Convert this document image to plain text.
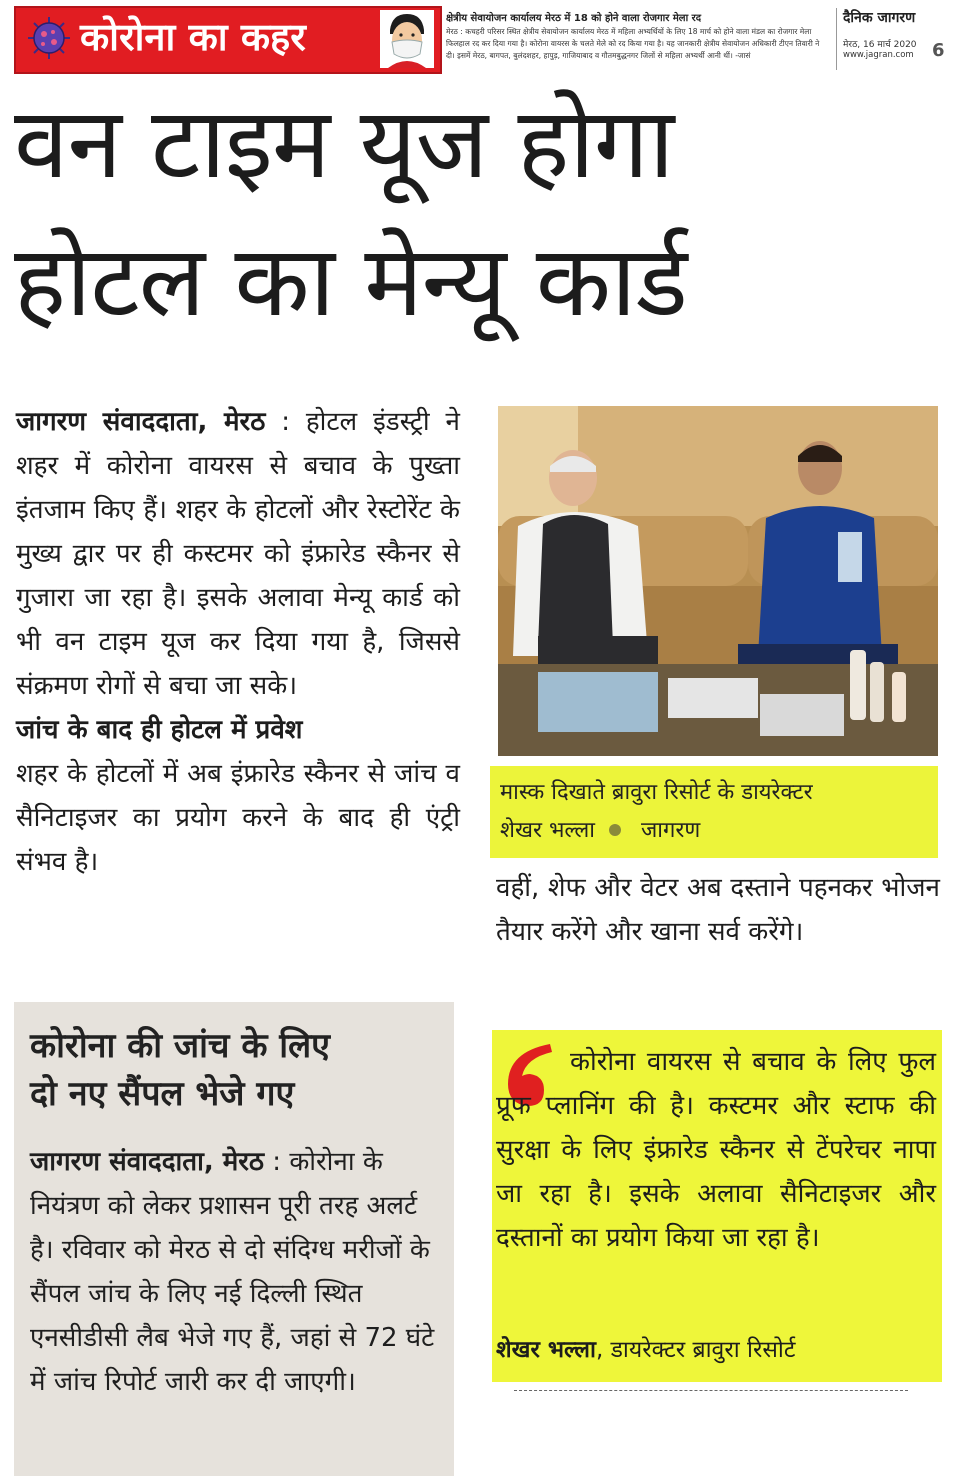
कोरोना का कहर	क्षेत्रीय सेवायोजन कार्यालय मेरठ में 18 को होने वाला रोजगार मेला रद
मेरठ : कचहरी परिसर स्थित क्षेत्रीय सेवायोजन कार्यालय मेरठ में महिला अभ्यर्थियों के लिए 18 मार्च को होने वाला मंडल का रोजगार मेला फिलहाल रद कर दिया गया है। कोरोना वायरस के चलते मेले को रद किया गया है। यह जानकारी क्षेत्रीय सेवायोजन अधिकारी टीएन तिवारी ने दी। इसमें मेरठ, बागपत, बुलंदशहर, हापुड़, गाजियाबाद व गौतमबुद्धनगर जिलों से महिला अभ्यर्थी आनी थीं। -जासं
दैनिक जागरण
मेरठ, 16 मार्च 2020
www.jagran.com	6
वन टाइम यूज होगा
होटल का मेन्यू कार्ड
जागरण संवाददाता, मेरठ : होटल इंडस्ट्री ने शहर में कोरोना वायरस से बचाव के पुख्ता इंतजाम किए हैं। शहर के होटलों और रेस्टोरेंट के मुख्य द्वार पर ही कस्टमर को इंफ्रारेड स्कैनर से गुजारा जा रहा है। इसके अलावा मेन्यू कार्ड को भी वन टाइम यूज कर दिया गया है, जिससे संक्रमण रोगों से बचा जा सके।
जांच के बाद ही होटल में प्रवेश
शहर के होटलों में अब इंफ्रारेड स्कैनर से जांच व सैनिटाइजर का प्रयोग करने के बाद ही एंट्री संभव है।
मास्क दिखाते ब्रावुरा रिसोर्ट के डायरेक्टर
शेखर भल्ला जागरण
वहीं, शेफ और वेटर अब दस्ताने पहनकर भोजन तैयार करेंगे और खाना सर्व करेंगे।
कोरोना की जांच के लिए
दो नए सैंपल भेजे गए
जागरण संवाददाता, मेरठ : कोरोना के नियंत्रण को लेकर प्रशासन पूरी तरह अलर्ट है। रविवार को मेरठ से दो संदिग्ध मरीजों के सैंपल जांच के लिए नई दिल्ली स्थित एनसीडीसी लैब भेजे गए हैं, जहां से 72 घंटे में जांच रिपोर्ट जारी कर दी जाएगी।
कोरोना वायरस से बचाव के लिए फुल प्रूफ प्लानिंग की है। कस्टमर और स्टाफ की सुरक्षा के लिए इंफ्रारेड स्कैनर से टेंपरेचर नापा जा रहा है। इसके अलावा सैनिटाइजर और दस्तानों का प्रयोग किया जा रहा है।
शेखर भल्ला, डायरेक्टर ब्रावुरा रिसोर्ट
